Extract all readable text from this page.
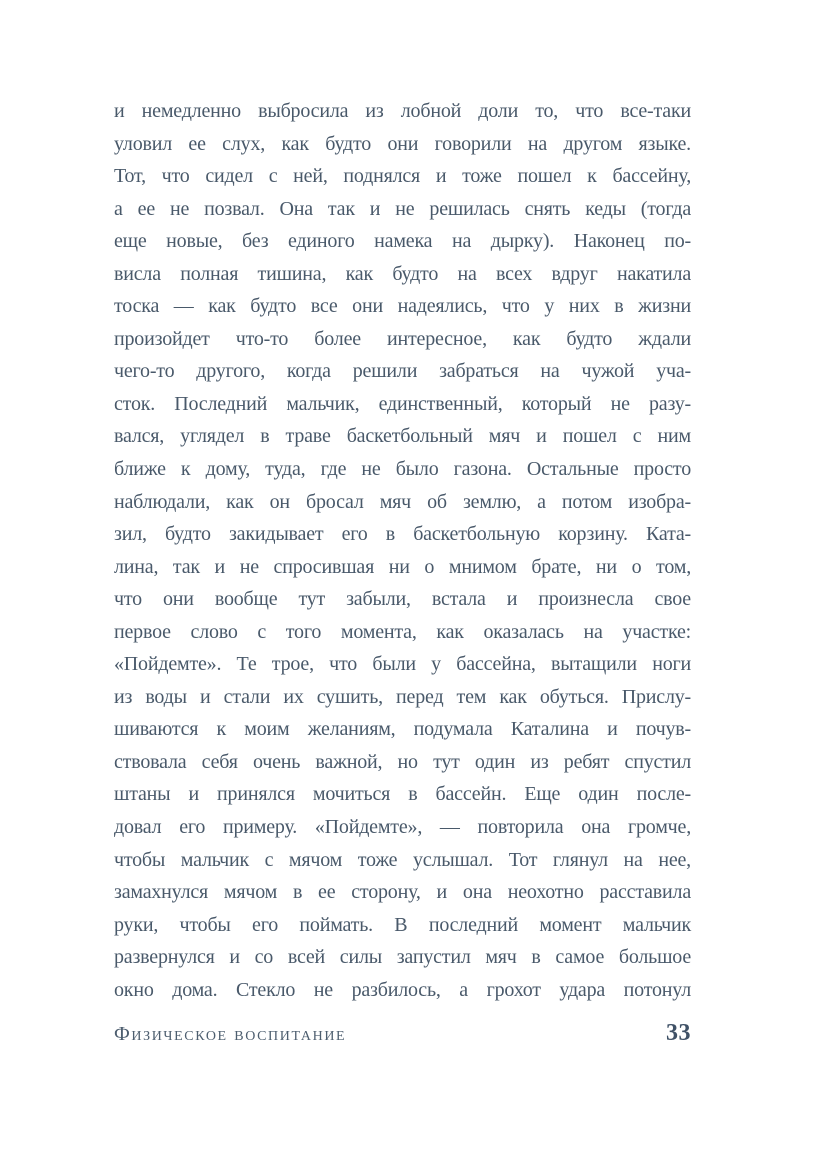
и немедленно выбросила из лобной доли то, что все-таки
уловил ее слух, как будто они говорили на другом языке.
Тот, что сидел с ней, поднялся и тоже пошел к бассейну,
а ее не позвал. Она так и не решилась снять кеды (тогда
еще новые, без единого намека на дырку). Наконец по-
висла полная тишина, как будто на всех вдруг накатила
тоска — как будто все они надеялись, что у них в жизни
произойдет что-то более интересное, как будто ждали
чего-то другого, когда решили забраться на чужой уча-
сток. Последний мальчик, единственный, который не разу-
вался, углядел в траве баскетбольный мяч и пошел с ним
ближе к дому, туда, где не было газона. Остальные просто
наблюдали, как он бросал мяч об землю, а потом изобра-
зил, будто закидывает его в баскетбольную корзину. Ката-
лина, так и не спросившая ни о мнимом брате, ни о том,
что они вообще тут забыли, встала и произнесла свое
первое слово с того момента, как оказалась на участке:
«Пойдемте». Те трое, что были у бассейна, вытащили ноги
из воды и стали их сушить, перед тем как обуться. Прислу-
шиваются к моим желаниям, подумала Каталина и почув-
ствовала себя очень важной, но тут один из ребят спустил
штаны и принялся мочиться в бассейн. Еще один после-
довал его примеру. «Пойдемте», — повторила она громче,
чтобы мальчик с мячом тоже услышал. Тот глянул на нее,
замахнулся мячом в ее сторону, и она неохотно расставила
руки, чтобы его поймать. В последний момент мальчик
развернулся и со всей силы запустил мяч в самое большое
окно дома. Стекло не разбилось, а грохот удара потонул
Физическое воспитание	33
